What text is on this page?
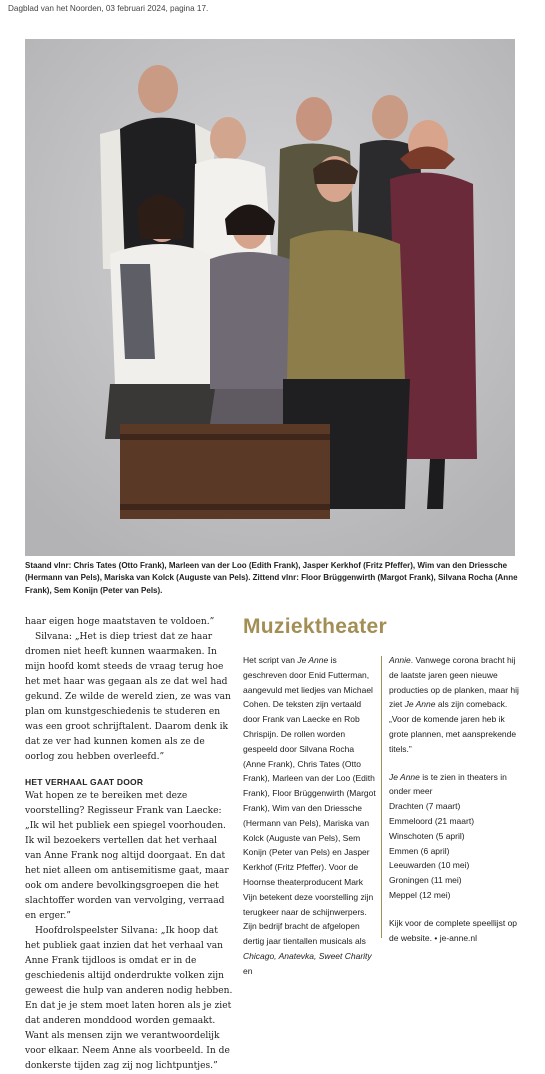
Dagblad van het Noorden, 03 februari 2024, pagina 17.
Staand vlnr: Chris Tates (Otto Frank), Marleen van der Loo (Edith Frank), Jasper Kerkhof (Fritz Pfeffer), Wim van den Driessche (Hermann van Pels), Mariska van Kolck (Auguste van Pels). Zittend vlnr: Floor Brüggenwirth (Margot Frank), Silvana Rocha (Anne Frank), Sem Konijn (Peter van Pels).

haar eigen hoge maatstaven te voldoen.”

Silvana: „Het is diep triest dat ze haar dromen niet heeft kunnen waarmaken. In mijn hoofd komt steeds de vraag terug hoe het met haar was gegaan als ze dat wel had gekund. Ze wilde de wereld zien, ze was van plan om kunstgeschiedenis te studeren en was een groot schrijftalent. Daarom denk ik dat ze ver had kunnen komen als ze de oorlog zou hebben overleefd.”

HET VERHAAL GAAT DOOR

Wat hopen ze te bereiken met deze voorstelling? Regisseur Frank van Laecke: „Ik wil het publiek een spiegel voorhouden. Ik wil bezoekers vertellen dat het verhaal van Anne Frank nog altijd doorgaat. En dat het niet alleen om antisemitisme gaat, maar ook om andere bevolkingsgroepen die het slachtoffer worden van vervolging, verraad en erger.”

Hoofdrolspeelster Silvana: „Ik hoop dat het publiek gaat inzien dat het verhaal van Anne Frank tijdloos is omdat er in de geschiedenis altijd onderdrukte volken zijn geweest die hulp van anderen nodig hebben. En dat je je stem moet laten horen als je ziet dat anderen monddood worden gemaakt. Want als mensen zijn we verantwoordelijk voor elkaar. Neem Anne als voorbeeld. In de donkerste tijden zag zij nog lichtpuntjes.”

Muziektheater
Het script van Je Anne is geschreven door Enid Futterman, aangevuld met liedjes van Michael Cohen. De teksten zijn vertaald door Frank van Laecke en Rob Chrispijn. De rollen worden gespeeld door Silvana Rocha (Anne Frank), Chris Tates (Otto Frank), Marleen van der Loo (Edith Frank), Floor Brüggenwirth (Margot Frank), Wim van den Driessche (Hermann van Pels), Mariska van Kolck (Auguste van Pels), Sem Konijn (Peter van Pels) en Jasper Kerkhof (Fritz Pfeffer). Voor de Hoornse theaterproducent Mark Vijn betekent deze voorstelling zijn terugkeer naar de schijnwerpers. Zijn bedrijf bracht de afgelopen dertig jaar tientallen musicals als Chicago, Anatevka, Sweet Charity en

Annie. Vanwege corona bracht hij de laatste jaren geen nieuwe producties op de planken, maar hij ziet Je Anne als zijn comeback. „Voor de komende jaren heb ik grote plannen, met aansprekende titels.”

Je Anne is te zien in theaters in onder meer

Drachten (7 maart)

Emmeloord (21 maart)

Winschoten (5 april)

Emmen (6 april)

Leeuwarden (10 mei)

Groningen (11 mei)

Meppel (12 mei)

Kijk voor de complete speellijst op de website. • je-anne.nl
